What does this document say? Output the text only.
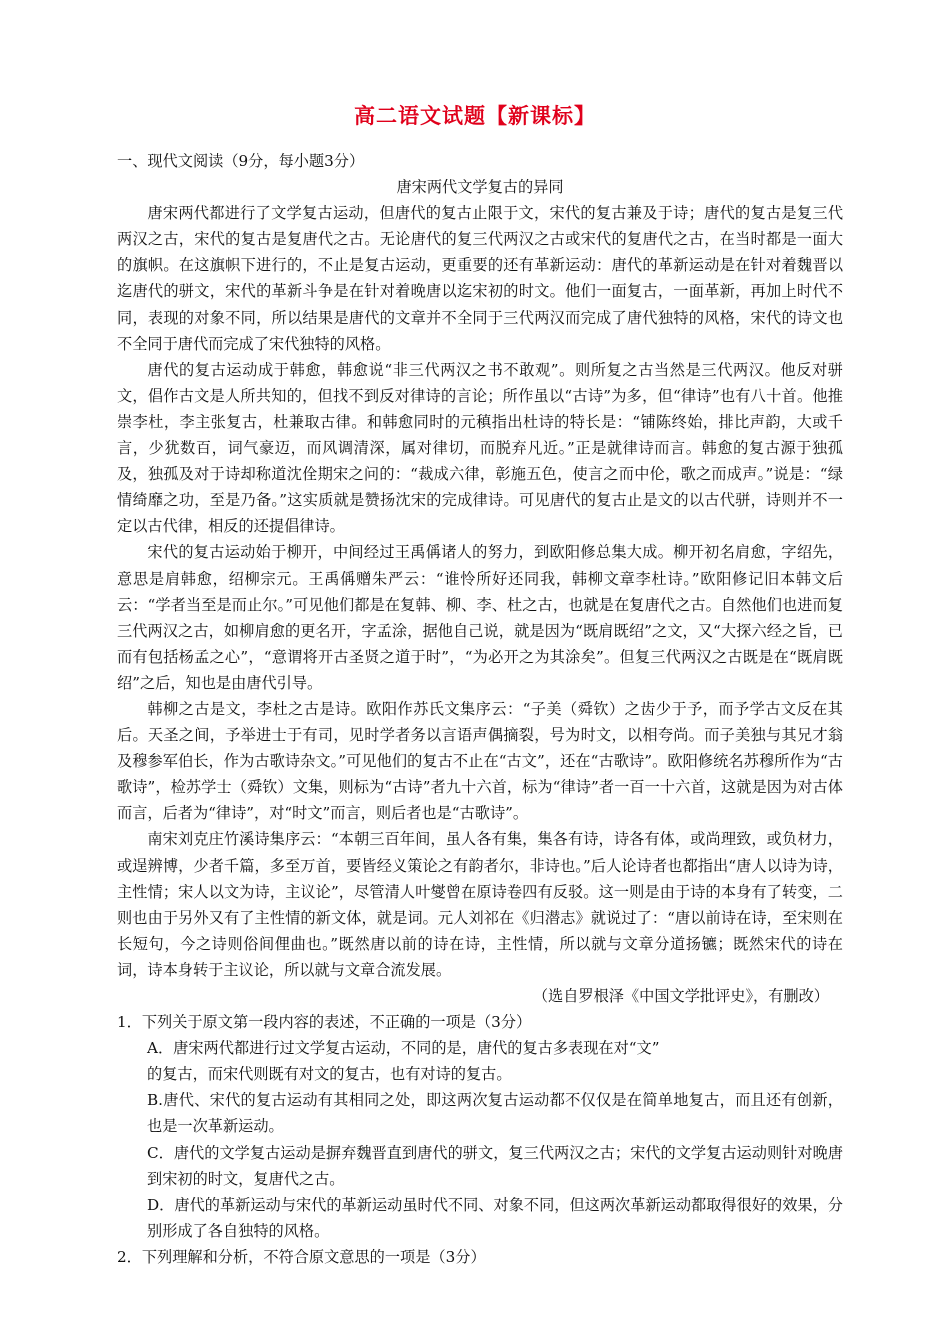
高二语文试题【新课标】

一、现代文阅读（9分，每小题3分）

唐宋两代文学复古的异同

唐宋两代都进行了文学复古运动，但唐代的复古止限于文，宋代的复古兼及于诗；唐代的复古是复三代两汉之古，宋代的复古是复唐代之古。无论唐代的复三代两汉之古或宋代的复唐代之古，在当时都是一面大的旗帜。在这旗帜下进行的，不止是复古运动，更重要的还有革新运动：唐代的革新运动是在针对着魏晋以迄唐代的骈文，宋代的革新斗争是在针对着晚唐以迄宋初的时文。他们一面复古，一面革新，再加上时代不同，表现的对象不同，所以结果是唐代的文章并不全同于三代两汉而完成了唐代独特的风格，宋代的诗文也不全同于唐代而完成了宋代独特的风格。

唐代的复古运动成于韩愈，韩愈说“非三代两汉之书不敢观”。则所复之古当然是三代两汉。他反对骈文，倡作古文是人所共知的，但找不到反对律诗的言论；所作虽以“古诗”为多，但“律诗”也有八十首。他推崇李杜，李主张复古，杜兼取古律。和韩愈同时的元稹指出杜诗的特长是：“铺陈终始，排比声韵，大或千言，少犹数百，词气豪迈，而风调清深，属对律切，而脱弃凡近。”正是就律诗而言。韩愈的复古源于独孤及，独孤及对于诗却称道沈佺期宋之问的：“裁成六律，彰施五色，使言之而中伦，歌之而成声。”说是：“绿情绮靡之功，至是乃备。”这实质就是赞扬沈宋的完成律诗。可见唐代的复古止是文的以古代骈，诗则并不一定以古代律，相反的还提倡律诗。

宋代的复古运动始于柳开，中间经过王禹偁诸人的努力，到欧阳修总集大成。柳开初名肩愈，字绍先，意思是肩韩愈，绍柳宗元。王禹偁赠朱严云：“谁怜所好还同我，韩柳文章李杜诗。”欧阳修记旧本韩文后云：“学者当至是而止尔。”可见他们都是在复韩、柳、李、杜之古，也就是在复唐代之古。自然他们也进而复三代两汉之古，如柳肩愈的更名开，字孟涂，据他自己说，就是因为“既肩既绍”之文，又“大探六经之旨，已而有包括杨孟之心”，“意谓将开古圣贤之道于时”，“为必开之为其涂矣”。但复三代两汉之古既是在“既肩既绍”之后，知也是由唐代引导。

韩柳之古是文，李杜之古是诗。欧阳作苏氏文集序云：“子美（舜钦）之齿少于予，而予学古文反在其后。天圣之间，予举进士于有司，见时学者务以言语声偶摘裂，号为时文，以相夸尚。而子美独与其兄才翁及穆参军伯长，作为古歌诗杂文。”可见他们的复古不止在“古文”，还在“古歌诗”。欧阳修统名苏穆所作为“古歌诗”，检苏学士（舜钦）文集，则标为“古诗”者九十六首，标为“律诗”者一百一十六首，这就是因为对古体而言，后者为“律诗”，对“时文”而言，则后者也是“古歌诗”。

南宋刘克庄竹溪诗集序云：“本朝三百年间，虽人各有集，集各有诗，诗各有体，或尚理致，或负材力，或逞辨博，少者千篇，多至万首，要皆经义策论之有韵者尔，非诗也。”后人论诗者也都指出“唐人以诗为诗，主性情；宋人以文为诗，主议论”，尽管清人叶燮曾在原诗卷四有反驳。这一则是由于诗的本身有了转变，二则也由于另外又有了主性情的新文体，就是词。元人刘祁在《归潜志》就说过了：“唐以前诗在诗，至宋则在长短句，今之诗则俗间俚曲也。”既然唐以前的诗在诗，主性情，所以就与文章分道扬镳；既然宋代的诗在词，诗本身转于主议论，所以就与文章合流发展。

（选自罗根泽《中国文学批评史》，有删改）

1．下列关于原文第一段内容的表述，不正确的一项是（3分）

A．唐宋两代都进行过文学复古运动，不同的是，唐代的复古多表现在对“文”

的复古，而宋代则既有对文的复古，也有对诗的复古。

B.唐代、宋代的复古运动有其相同之处，即这两次复古运动都不仅仅是在简单地复古，而且还有创新，也是一次革新运动。

C．唐代的文学复古运动是摒弃魏晋直到唐代的骈文，复三代两汉之古；宋代的文学复古运动则针对晚唐到宋初的时文，复唐代之古。

D．唐代的革新运动与宋代的革新运动虽时代不同、对象不同，但这两次革新运动都取得很好的效果，分别形成了各自独特的风格。

2．下列理解和分析，不符合原文意思的一项是（3分）
